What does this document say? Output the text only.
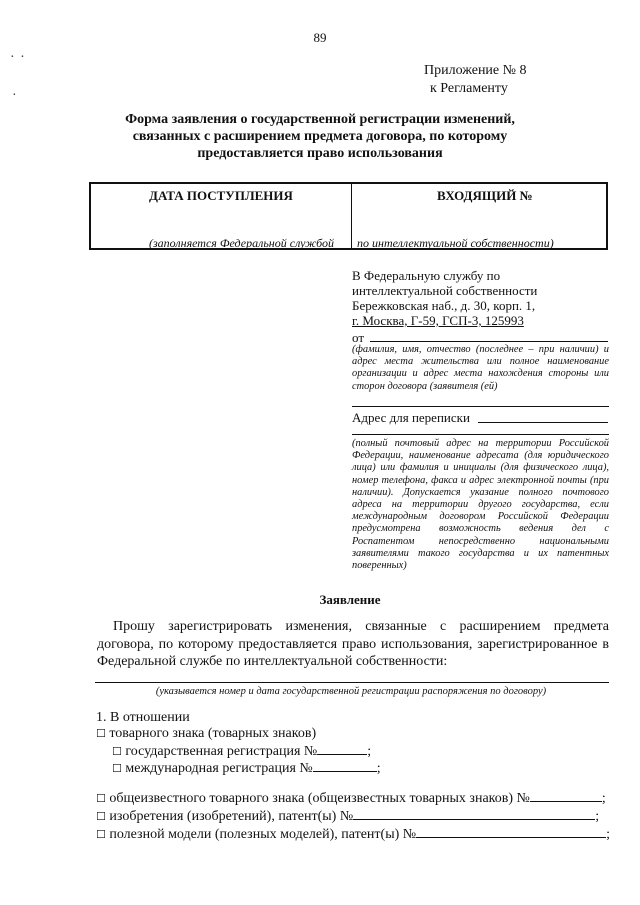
89
· ·
·
Приложение № 8
к Регламенту
Форма заявления о государственной регистрации изменений, связанных с расширением предмета договора, по которому предоставляется право использования
ДАТА ПОСТУПЛЕНИЯ	ВХОДЯЩИЙ №
(заполняется Федеральной службой по интеллектуальной собственности)
В Федеральную службу по
интеллектуальной собственности
Бережковская наб., д. 30, корп. 1,
г. Москва, Г-59, ГСП-3, 125993
от
(фамилия, имя, отчество (последнее – при наличии) и адрес места жительства или полное наименование организации и адрес места нахождения стороны или сторон договора (заявителя (ей)
Адрес для переписки
(полный почтовый адрес на территории Российской Федерации, наименование адресата (для юридического лица) или фамилия и инициалы (для физического лица), номер телефона, факса и адрес электронной почты (при наличии). Допускается указание полного почтового адреса на территории другого государства, если международным договором Российской Федерации предусмотрена возможность ведения дел с Роспатентом непосредственно национальными заявителями такого государства и их патентных поверенных)
Заявление
Прошу зарегистрировать изменения, связанные с расширением предмета договора, по которому предоставляется право использования, зарегистрированное в Федеральной службе по интеллектуальной собственности:
(указывается номер и дата государственной регистрации распоряжения по договору)
1. В отношении
☐ товарного знака (товарных знаков)
☐ государственная регистрация №	;
☐ международная регистрация №	;
☐ общеизвестного товарного знака (общеизвестных товарных знаков) №	;
☐ изобретения (изобретений), патент(ы) №	;
☐ полезной модели (полезных моделей), патент(ы) №	;
